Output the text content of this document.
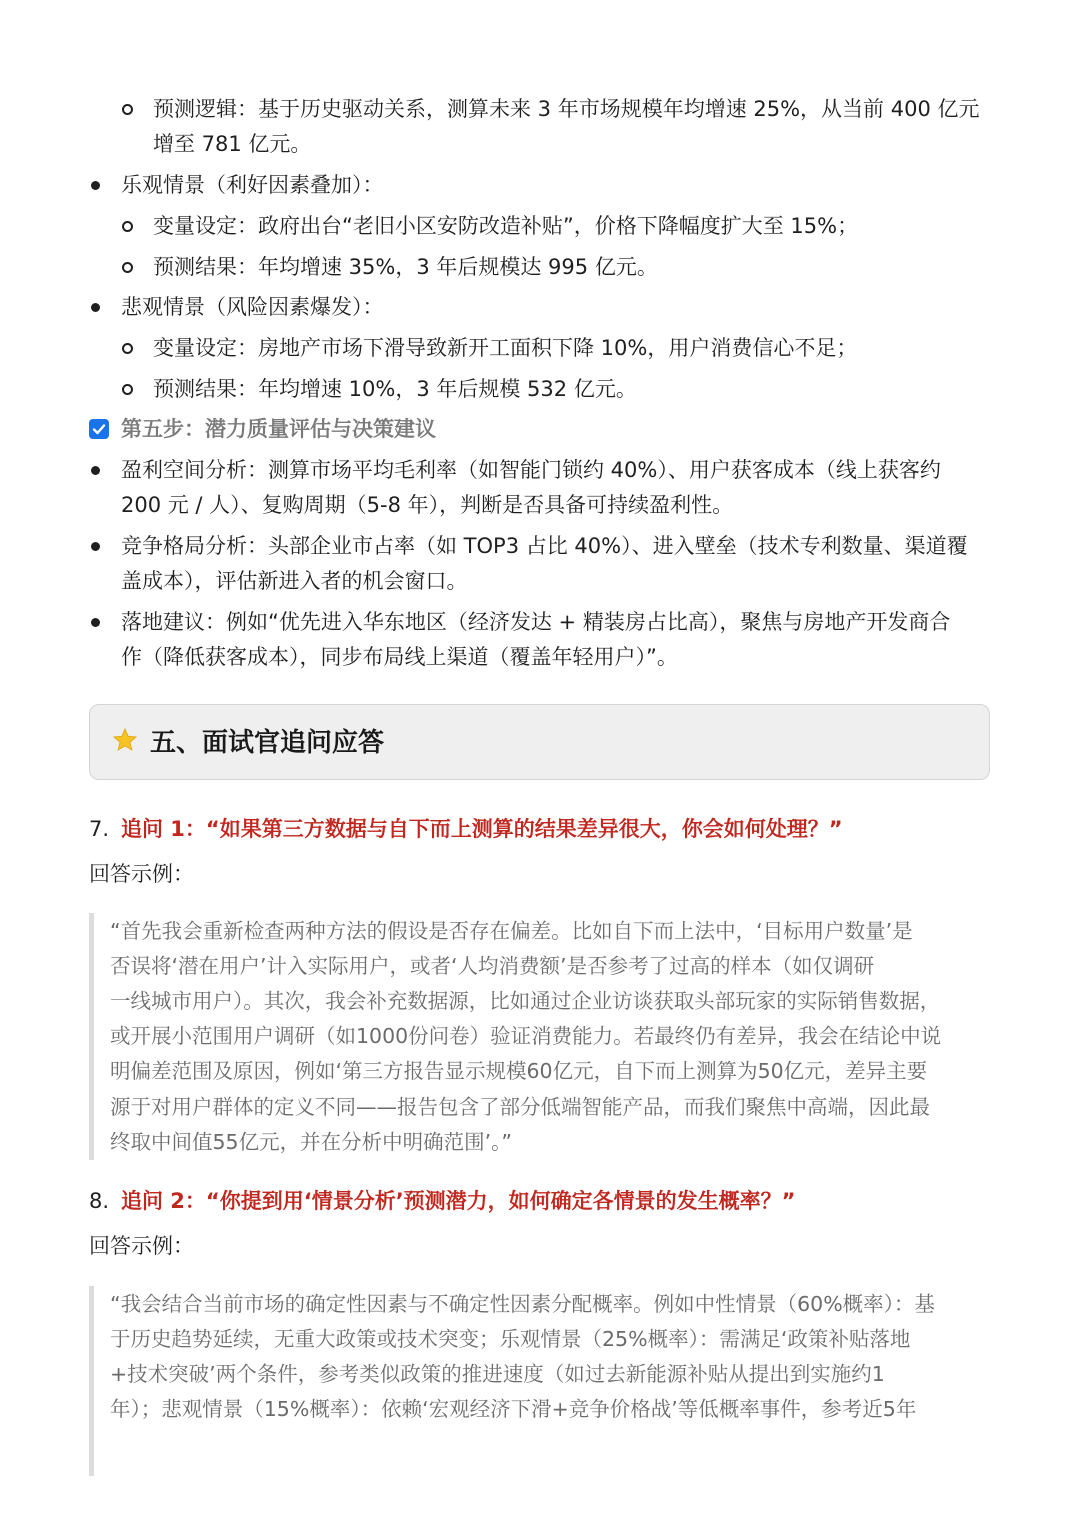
预测逻辑：基于历史驱动关系，测算未来 3 年市场规模年均增速 25%，从当前 400 亿元
增至 781 亿元。
乐观情景（利好因素叠加）：
变量设定：政府出台“老旧小区安防改造补贴”，价格下降幅度扩大至 15%；
预测结果：年均增速 35%，3 年后规模达 995 亿元。
悲观情景（风险因素爆发）：
变量设定：房地产市场下滑导致新开工面积下降 10%，用户消费信心不足；
预测结果：年均增速 10%，3 年后规模 532 亿元。
第五步：潜力质量评估与决策建议
盈利空间分析：测算市场平均毛利率（如智能门锁约 40%）、用户获客成本（线上获客约
200 元 / 人）、复购周期（5-8 年），判断是否具备可持续盈利性。
竞争格局分析：头部企业市占率（如 TOP3 占比 40%）、进入壁垒（技术专利数量、渠道覆
盖成本），评估新进入者的机会窗口。
落地建议：例如“优先进入华东地区（经济发达 + 精装房占比高），聚焦与房地产开发商合
作（降低获客成本），同步布局线上渠道（覆盖年轻用户）”。
五、面试官追问应答
7. 追问 1：“如果第三方数据与自下而上测算的结果差异很大，你会如何处理？”
回答示例：
“首先我会重新检查两种方法的假设是否存在偏差。比如自下而上法中，‘目标用户数量’是
否误将‘潜在用户’计入实际用户，或者‘人均消费额’是否参考了过高的样本（如仅调研
一线城市用户）。其次，我会补充数据源，比如通过企业访谈获取头部玩家的实际销售数据，
或开展小范围用户调研（如1000份问卷）验证消费能力。若最终仍有差异，我会在结论中说
明偏差范围及原因，例如‘第三方报告显示规模60亿元，自下而上测算为50亿元，差异主要
源于对用户群体的定义不同——报告包含了部分低端智能产品，而我们聚焦中高端，因此最
终取中间值55亿元，并在分析中明确范围’。”
8. 追问 2：“你提到用‘情景分析’预测潜力，如何确定各情景的发生概率？”
回答示例：
“我会结合当前市场的确定性因素与不确定性因素分配概率。例如中性情景（60%概率）：基
于历史趋势延续，无重大政策或技术突变；乐观情景（25%概率）：需满足‘政策补贴落地
+技术突破’两个条件，参考类似政策的推进速度（如过去新能源补贴从提出到实施约1
年）；悲观情景（15%概率）：依赖‘宏观经济下滑+竞争价格战’等低概率事件，参考近5年
